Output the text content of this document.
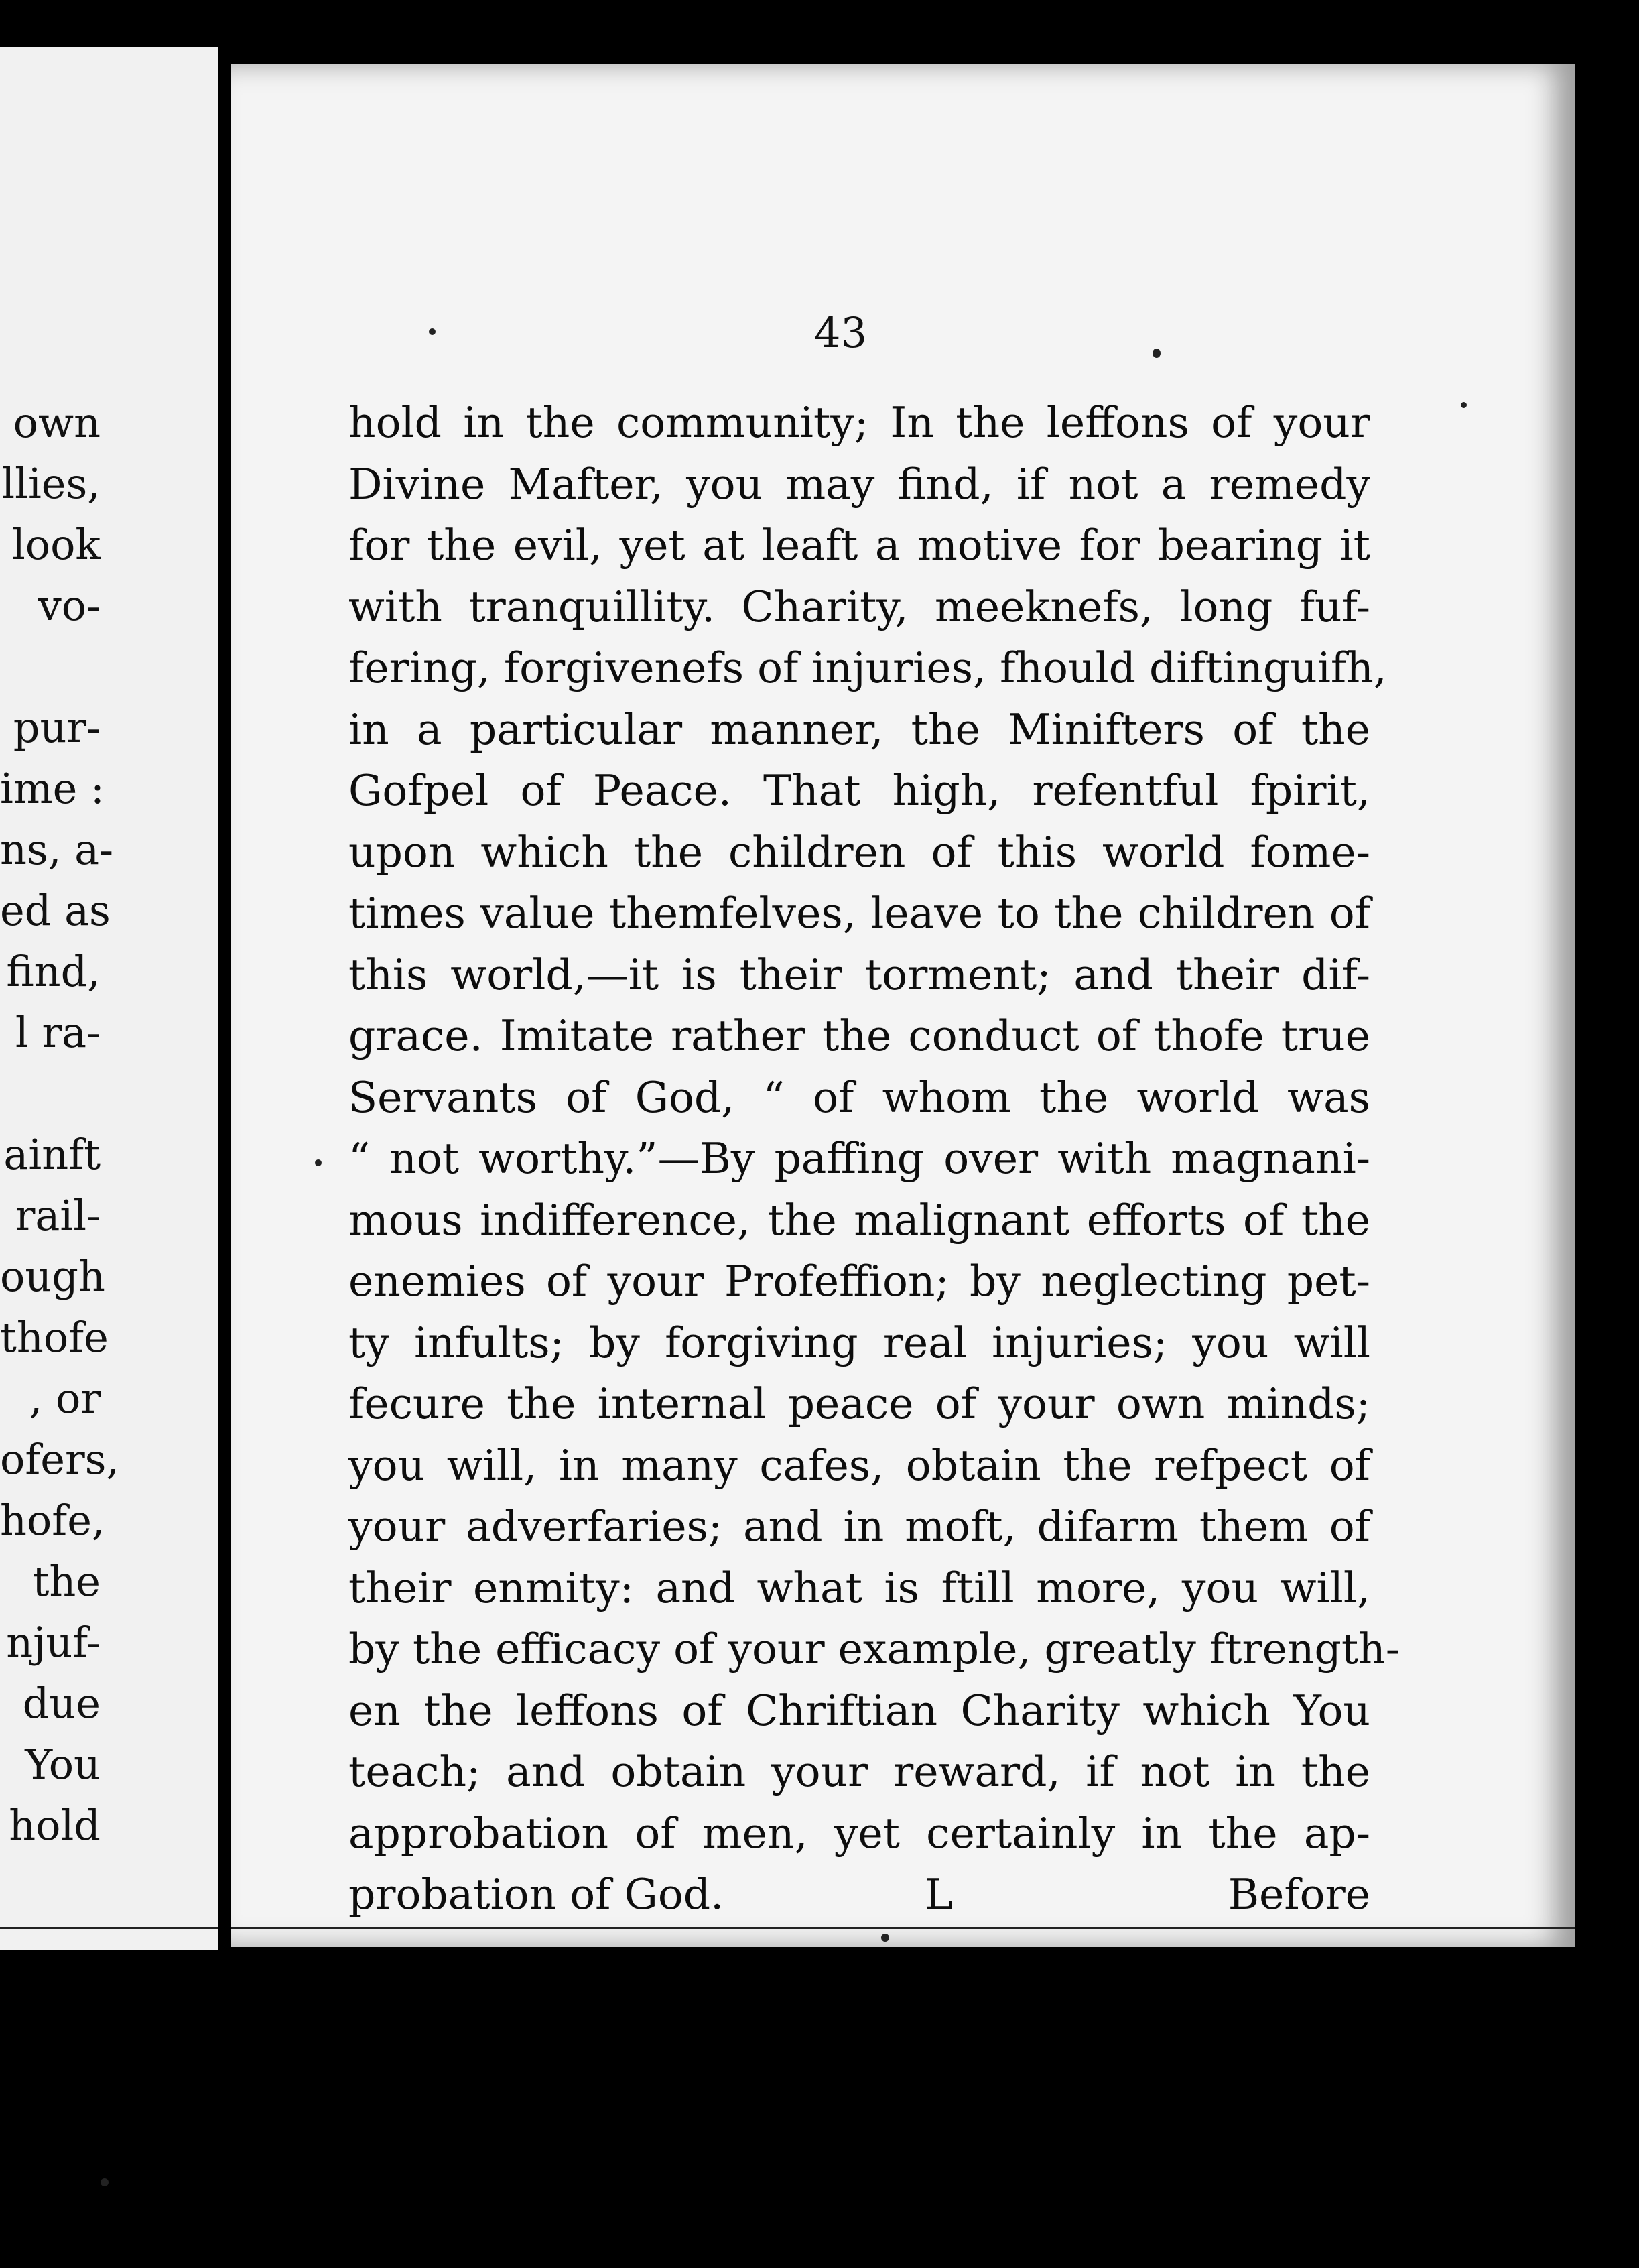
own
llies,
look
vo-
pur-
ime :
ns, a-
ed as
find,
l ra-
ainft
rail-
ough
thofe
, or
ofers,
hofe,
the
njuf-
due
You
hold
43
hold in the community; In the leffons of your
Divine Mafter, you may find, if not a remedy
for the evil, yet at leaft a motive for bearing it
with tranquillity. Charity, meeknefs, long fuf-
fering, forgivenefs of injuries, fhould diftinguifh,
in a particular manner, the Minifters of the
Gofpel of Peace. That high, refentful fpirit,
upon which the children of this world fome-
times value themfelves, leave to the children of
this world,—it is their torment; and their dif-
grace. Imitate rather the conduct of thofe true
Servants of God, “ of whom the world was
“ not worthy.”—By paffing over with magnani-
mous indifference, the malignant efforts of the
enemies of your Profeffion; by neglecting pet-
ty infults; by forgiving real injuries; you will
fecure the internal peace of your own minds;
you will, in many cafes, obtain the refpect of
your adverfaries; and in moft, difarm them of
their enmity: and what is ftill more, you will,
by the efficacy of your example, greatly ftrength-
en the leffons of Chriftian Charity which You
teach; and obtain your reward, if not in the
approbation of men, yet certainly in the ap-
probation of God.	L	Before
